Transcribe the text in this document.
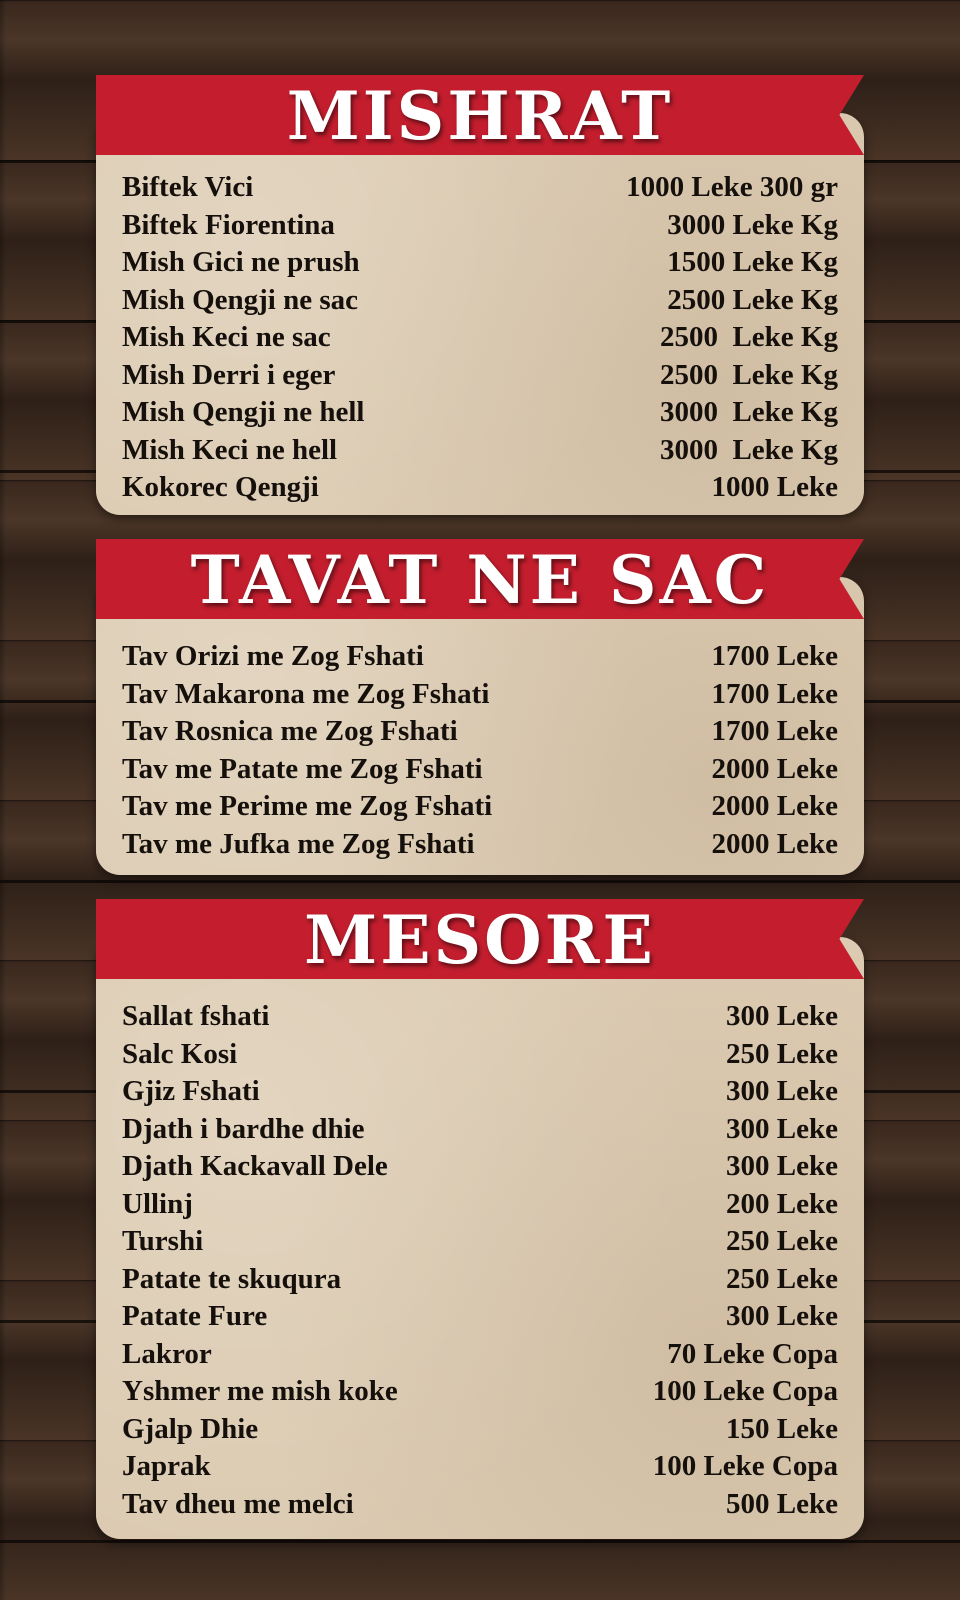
MISHRAT
Biftek Vici	1000 Leke 300 gr
Biftek Fiorentina	3000 Leke Kg
Mish Gici ne prush	1500 Leke Kg
Mish Qengji ne sac	2500 Leke Kg
Mish Keci ne sac	2500  Leke Kg
Mish Derri i eger	2500  Leke Kg
Mish Qengji ne hell	3000  Leke Kg
Mish Keci ne hell	3000  Leke Kg
Kokorec Qengji	1000 Leke
TAVAT NE SAC
Tav Orizi me Zog Fshati	1700 Leke
Tav Makarona me Zog Fshati	1700 Leke
Tav Rosnica me Zog Fshati	1700 Leke
Tav me Patate me Zog Fshati	2000 Leke
Tav me Perime me Zog Fshati	2000 Leke
Tav me Jufka me Zog Fshati	2000 Leke
MESORE
Sallat fshati	300 Leke
Salc Kosi	250 Leke
Gjiz Fshati	300 Leke
Djath i bardhe dhie	300 Leke
Djath Kackavall Dele	300 Leke
Ullinj	200 Leke
Turshi	250 Leke
Patate te skuqura	250 Leke
Patate Fure	300 Leke
Lakror	70 Leke Copa
Yshmer me mish koke	100 Leke Copa
Gjalp Dhie	150 Leke
Japrak	100 Leke Copa
Tav dheu me melci	500 Leke
